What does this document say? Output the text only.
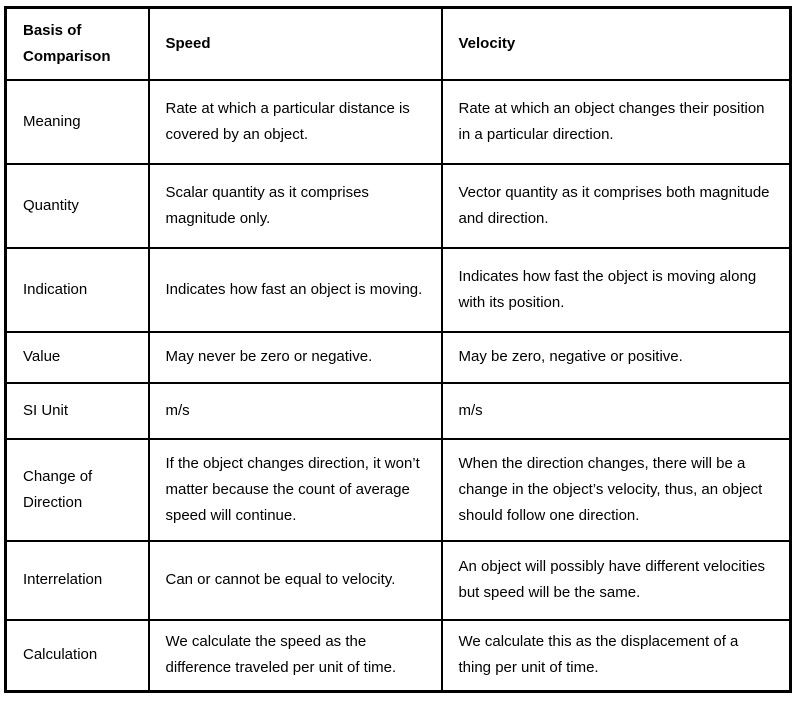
Basis of Comparison	Speed	Velocity
Meaning	Rate at which a particular distance is covered by an object.	Rate at which an object changes their position in a particular direction.
Quantity	Scalar quantity as it comprises magnitude only.	Vector quantity as it comprises both magnitude and direction.
Indication	Indicates how fast an object is moving.	Indicates how fast the object is moving along with its position.
Value	May never be zero or negative.	May be zero, negative or positive.
SI Unit	m/s	m/s
Change of Direction	If the object changes direction, it won’t matter because the count of average speed will continue.	When the direction changes, there will be a change in the object’s velocity, thus, an object should follow one direction.
Interrelation	Can or cannot be equal to velocity.	An object will possibly have different velocities but speed will be the same.
Calculation	We calculate the speed as the difference traveled per unit of time.	We calculate this as the displacement of a thing per unit of time.
